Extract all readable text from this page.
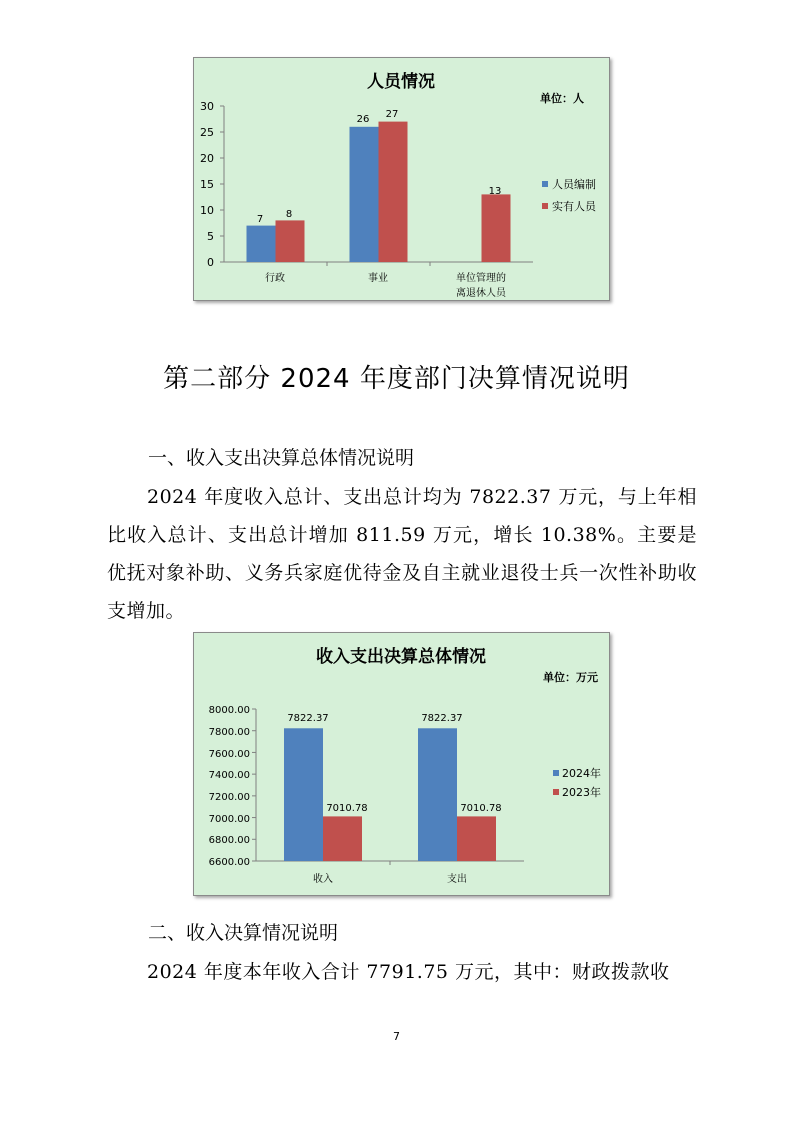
人员情况
单位：人
0
5
10
15
20
25
30
行政	事业	单位管理的
离退休人员
7 8
26 27
13
人员编制
实有人员
第二部分 2024 年度部门决算情况说明
一、收入支出决算总体情况说明
2024 年度收入总计、支出总计均为 7822.37 万元，与上年相比收入总计、支出总计增加 811.59 万元，增长 10.38%。主要是优抚对象补助、义务兵家庭优待金及自主就业退役士兵一次性补助收支增加。
收入支出决算总体情况
单位：万元
6600.00
6800.00
7000.00
7200.00
7400.00
7600.00
7800.00
8000.00
收入	支出
7822.37
7010.78
7822.37
7010.78
2024年
2023年
二、收入决算情况说明
2024 年度本年收入合计 7791.75 万元，其中：财政拨款收
7
